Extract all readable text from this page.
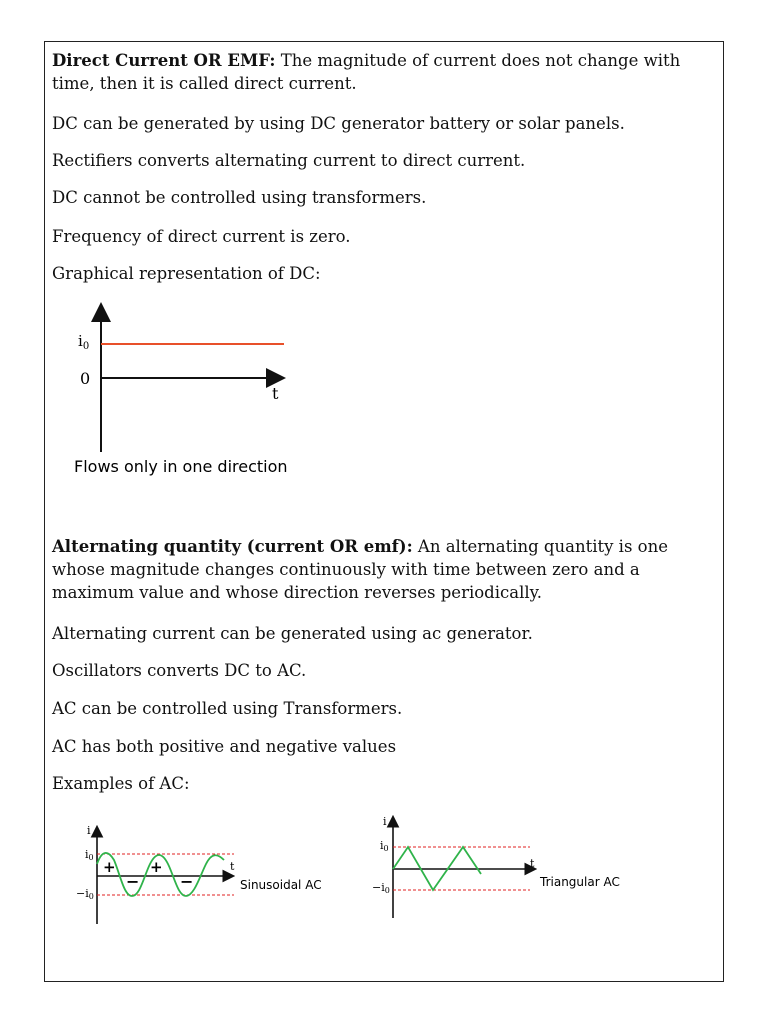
Direct Current OR EMF: The magnitude of current does not change with time, then it is called direct current.

DC can be generated by using DC generator battery or solar panels.

Rectifiers converts alternating current to direct current.

DC cannot be controlled using transformers.

Frequency of direct current is zero.

Graphical representation of DC:

$i_0$
0
t
Flows only in one direction

Alternating quantity (current OR emf): An alternating quantity is one whose magnitude changes continuously with time between zero and a maximum value and whose direction reverses periodically.

Alternating current can be generated using ac generator.

Oscillators converts DC to AC.

AC can be controlled using Transformers.

AC has both positive and negative values

Examples of AC:

i
i0
−i0
t
+ +
−	−	Sinusoidal AC
i
i0
−i0
t
Triangular AC
